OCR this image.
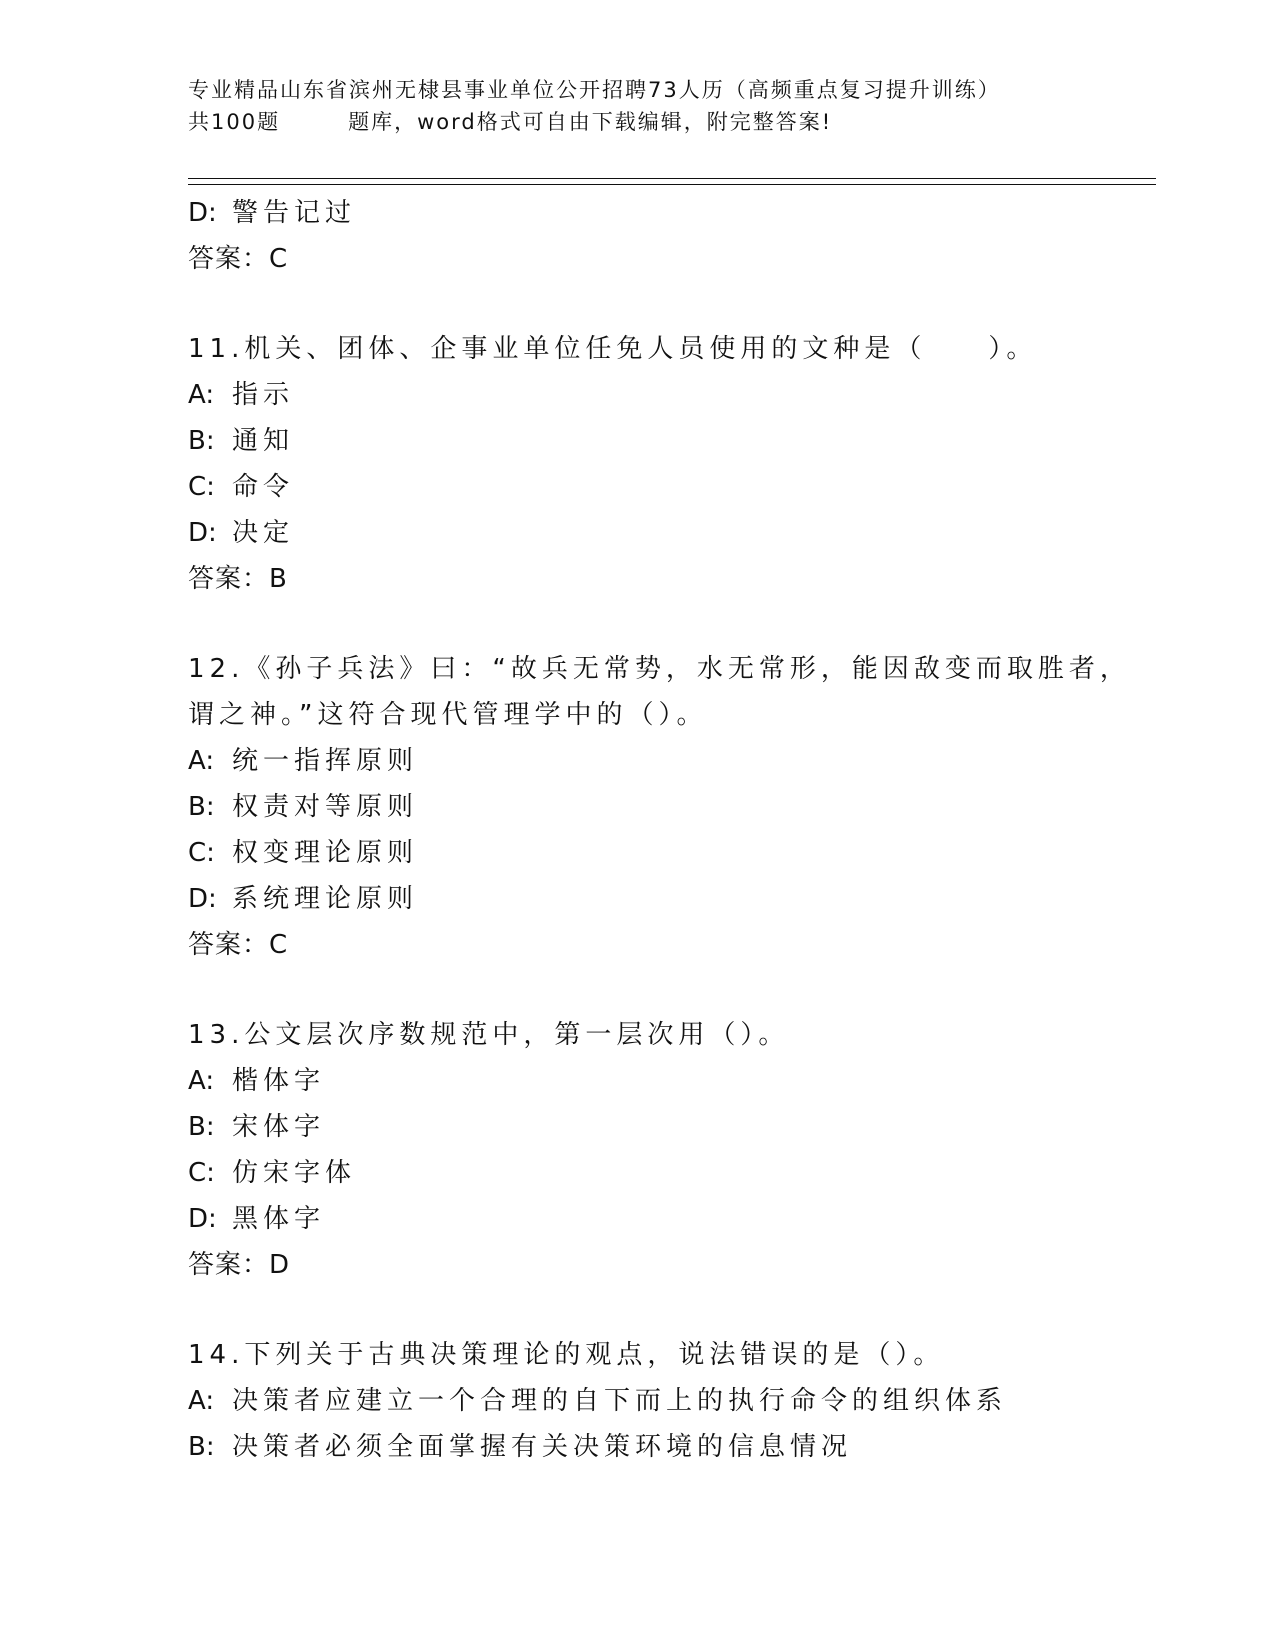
专业精品山东省滨州无棣县事业单位公开招聘73人历（高频重点复习提升训练）
共100题	题库，word格式可自由下载编辑，附完整答案!
D: 警告记过
答案：C
11.机关、团体、企事业单位任免人员使用的文种是（　　）。
A: 指示
B: 通知
C: 命令
D: 决定
答案：B
12.《孙子兵法》曰：“故兵无常势，水无常形，能因敌变而取胜者，
谓之神。”这符合现代管理学中的（）。
A: 统一指挥原则
B: 权责对等原则
C: 权变理论原则
D: 系统理论原则
答案：C
13.公文层次序数规范中，第一层次用（）。
A: 楷体字
B: 宋体字
C: 仿宋字体
D: 黑体字
答案：D
14.下列关于古典决策理论的观点，说法错误的是（）。
A: 决策者应建立一个合理的自下而上的执行命令的组织体系
B: 决策者必须全面掌握有关决策环境的信息情况
